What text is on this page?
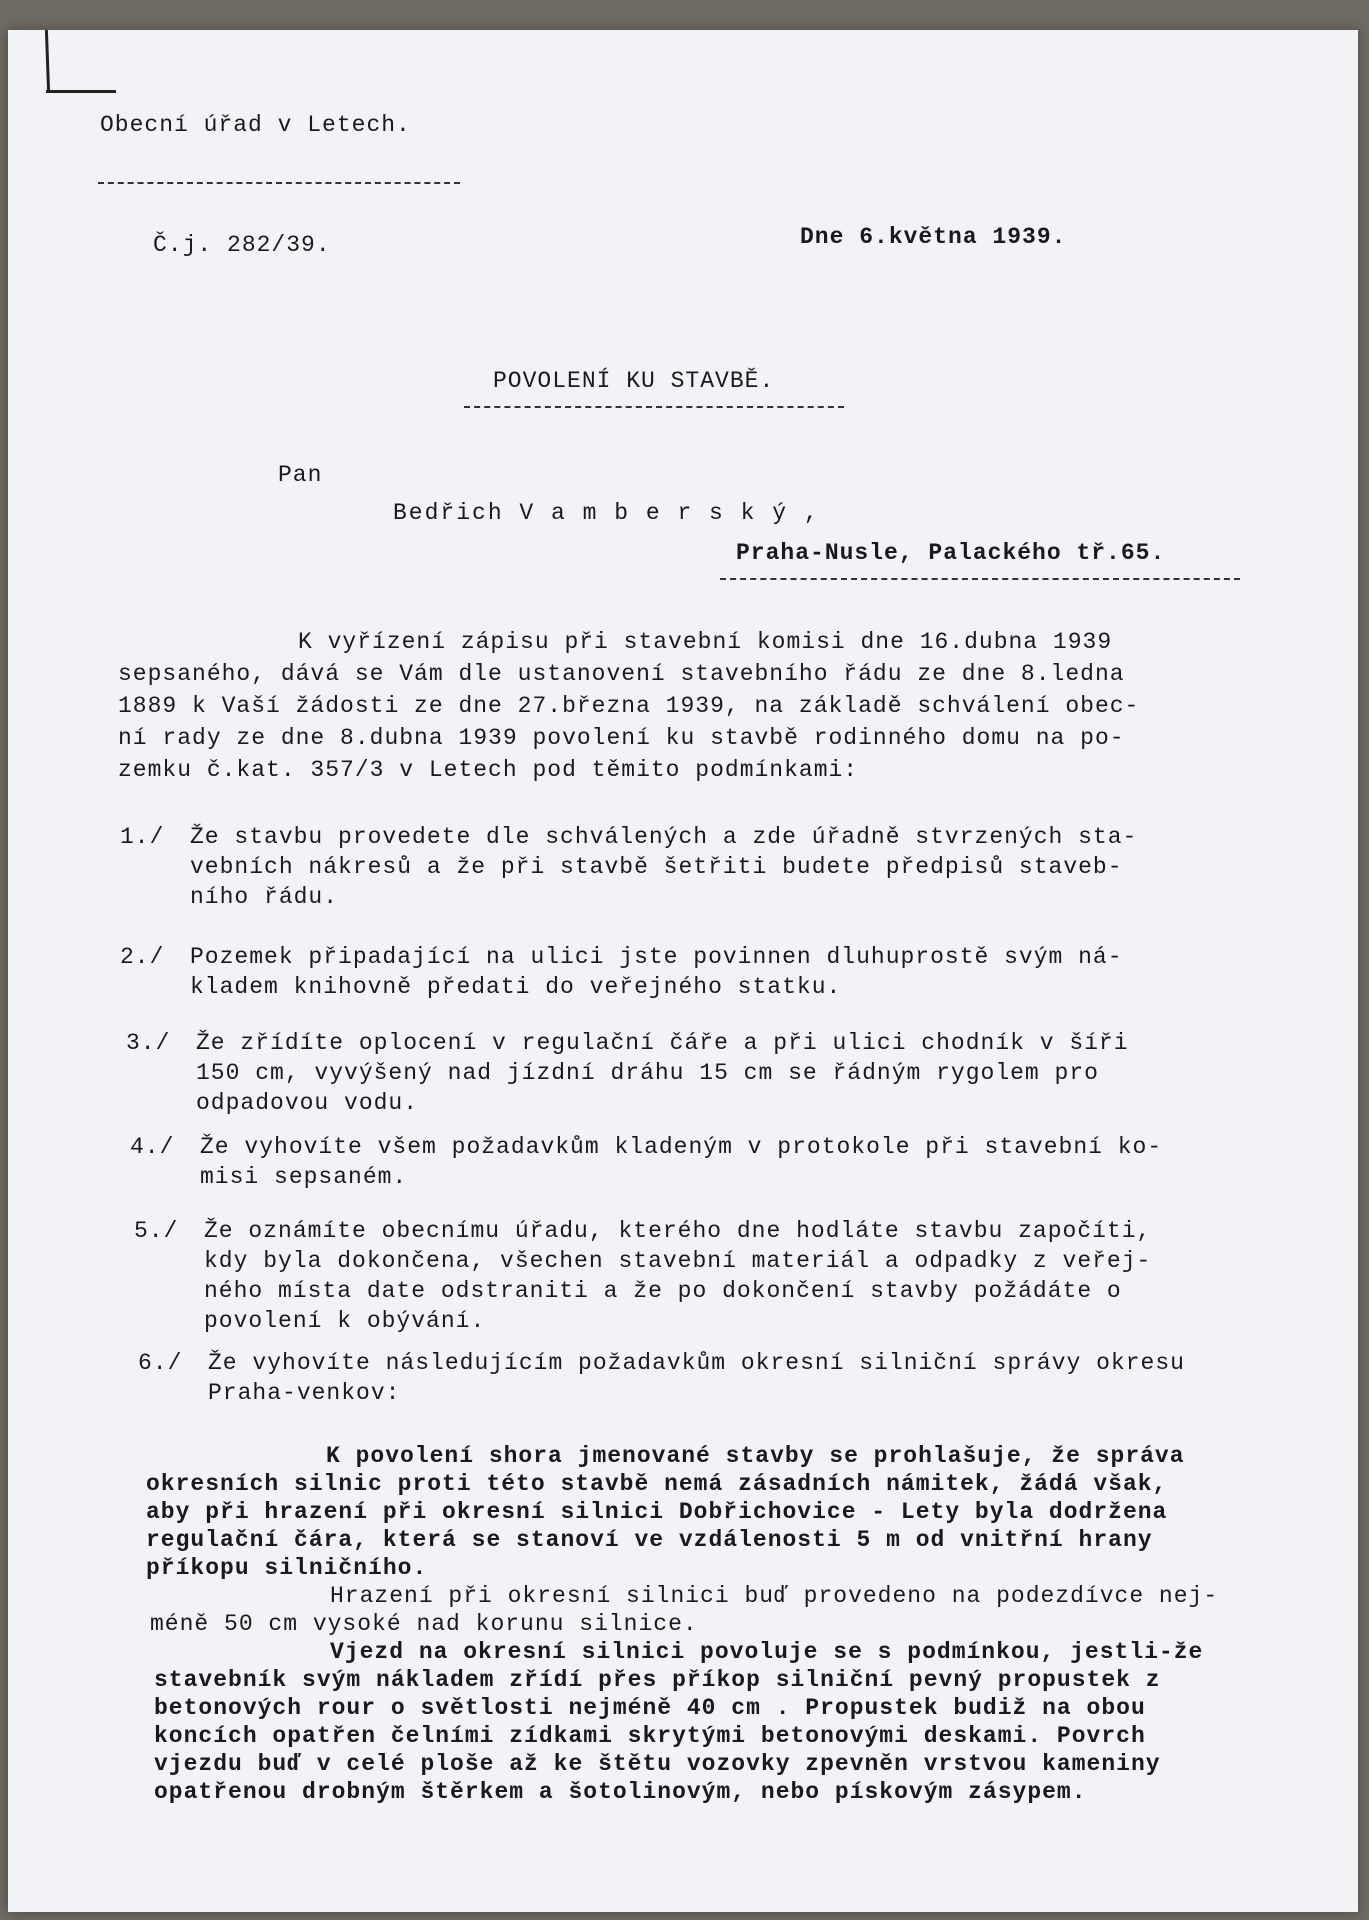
Obecní úřad v Letech.
Č.j. 282/39.	Dne 6.května 1939.
POVOLENÍ KU STAVBĚ.
Pan
Bedřich V a m b e r s k ý ,
Praha-Nusle, Palackého tř.65.
K vyřízení zápisu při stavební komisi dne 16.dubna 1939
sepsaného, dává se Vám dle ustanovení stavebního řádu ze dne 8.ledna
1889 k Vaší žádosti ze dne 27.března 1939, na základě schválení obec-
ní rady ze dne 8.dubna 1939 povolení ku stavbě rodinného domu na po-
zemku č.kat. 357/3 v Letech pod těmito podmínkami:
1./ Že stavbu provedete dle schválených a zde úřadně stvrzených sta-
vebních nákresů a že při stavbě šetřiti budete předpisů staveb-
ního řádu.
2./ Pozemek připadající na ulici jste povinnen dluhuprostě svým ná-
kladem knihovně předati do veřejného statku.
3./ Že zřídíte oplocení v regulační čáře a při ulici chodník v šíři
150 cm, vyvýšený nad jízdní dráhu 15 cm se řádným rygolem pro
odpadovou vodu.
4./ Že vyhovíte všem požadavkům kladeným v protokole při stavební ko-
misi sepsaném.
5./ Že oznámíte obecnímu úřadu, kterého dne hodláte stavbu započíti,
kdy byla dokončena, všechen stavební materiál a odpadky z veřej-
ného místa date odstraniti a že po dokončení stavby požádáte o
povolení k obývání.
6./ Že vyhovíte následujícím požadavkům okresní silniční správy okresu
Praha-venkov:
K povolení shora jmenované stavby se prohlašuje, že správa
okresních silnic proti této stavbě nemá zásadních námitek, žádá však,
aby při hrazení při okresní silnici Dobřichovice - Lety byla dodržena
regulační čára, která se stanoví ve vzdálenosti 5 m od vnitřní hrany
příkopu silničního.
Hrazení při okresní silnici buď provedeno na podezdívce nej-
méně 50 cm vysoké nad korunu silnice.
Vjezd na okresní silnici povoluje se s podmínkou, jestli-že
stavebník svým nákladem zřídí přes příkop silniční pevný propustek z
betonových rour o světlosti nejméně 40 cm . Propustek budiž na obou
koncích opatřen čelními zídkami skrytými betonovými deskami. Povrch
vjezdu buď v celé ploše až ke štětu vozovky zpevněn vrstvou kameniny
opatřenou drobným štěrkem a šotolinovým, nebo pískovým zásypem.
